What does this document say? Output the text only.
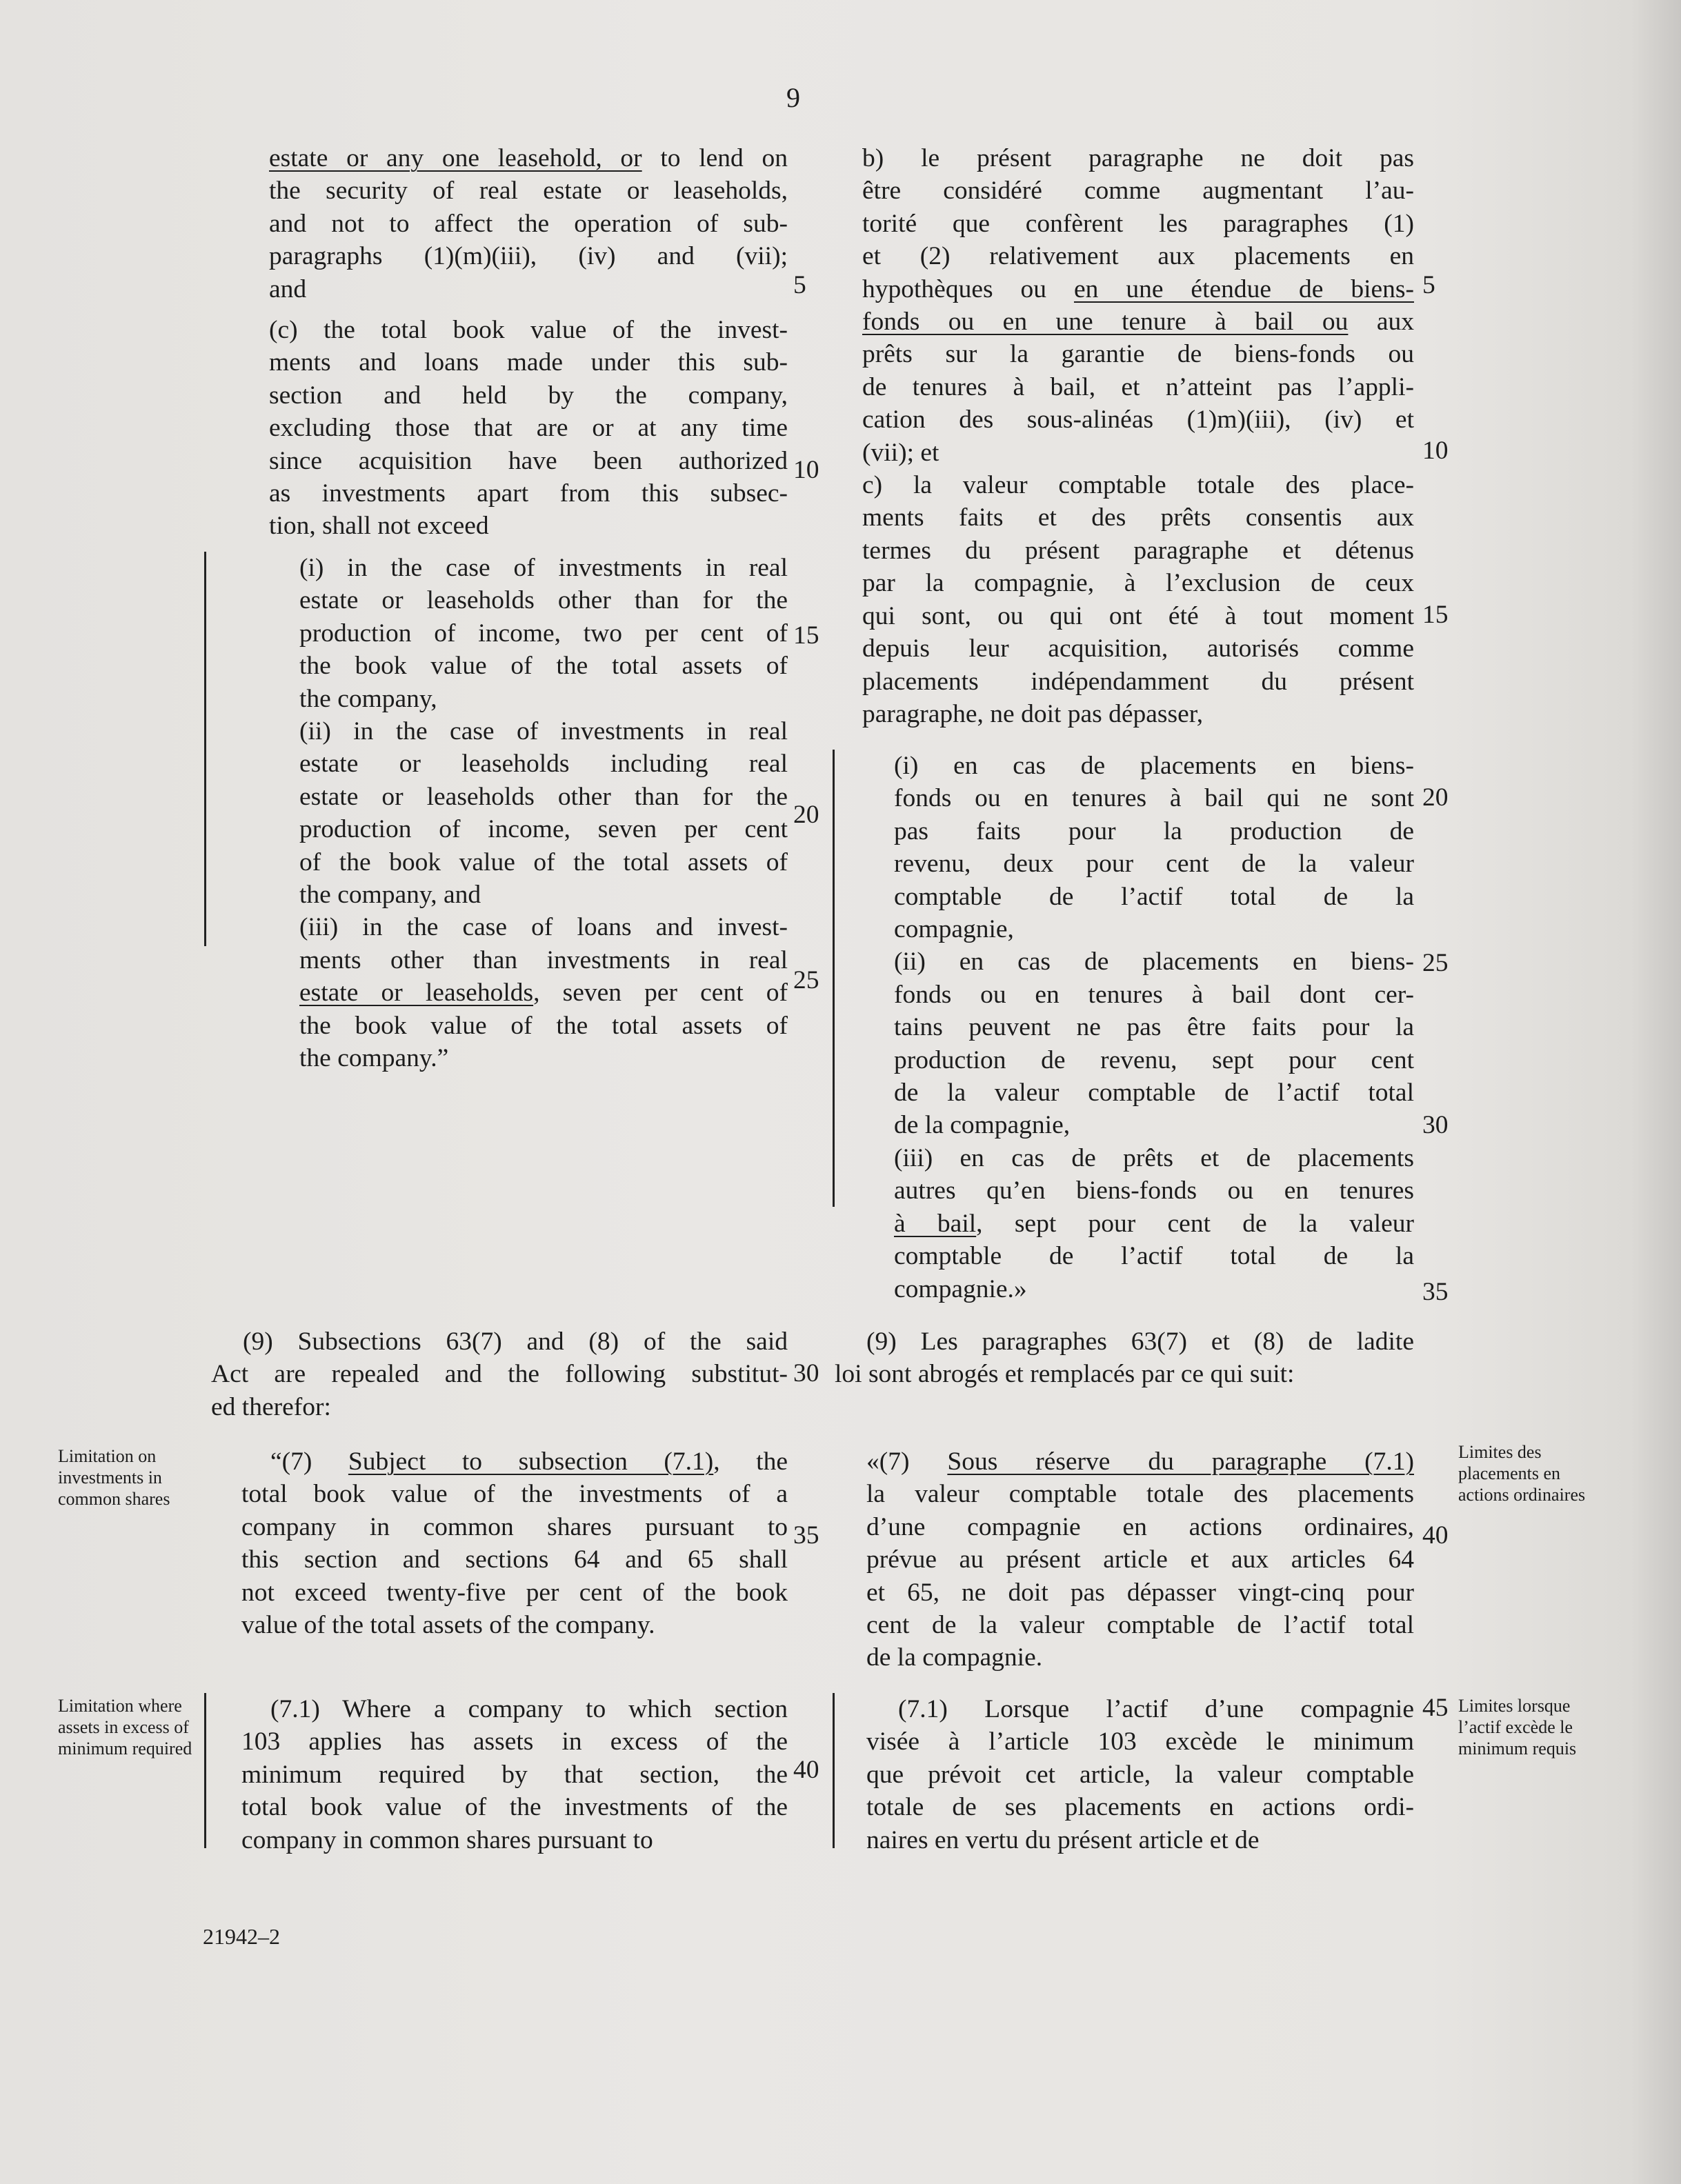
9
estate or any one leasehold, or to lend on
the security of real estate or leaseholds,
and not to affect the operation of sub-
paragraphs (1)(m)(iii), (iv) and (vii);
and
(c) the total book value of the invest-
ments and loans made under this sub-
section and held by the company,
excluding those that are or at any time
since acquisition have been authorized
as investments apart from this subsec-
tion, shall not exceed
(i) in the case of investments in real
estate or leaseholds other than for the
production of income, two per cent of
the book value of the total assets of
the company,
(ii) in the case of investments in real
estate or leaseholds including real
estate or leaseholds other than for the
production of income, seven per cent
of the book value of the total assets of
the company, and
(iii) in the case of loans and invest-
ments other than investments in real
estate or leaseholds, seven per cent of
the book value of the total assets of
the company.”
(9) Subsections 63(7) and (8) of the said
Act are repealed and the following substitut-
ed therefor:
“(7) Subject to subsection (7.1), the
total book value of the investments of a
company in common shares pursuant to
this section and sections 64 and 65 shall
not exceed twenty-five per cent of the book
value of the total assets of the company.
(7.1) Where a company to which section
103 applies has assets in excess of the
minimum required by that section, the
total book value of the investments of the
company in common shares pursuant to
Limitation on investments in common shares
Limitation where assets in excess of minimum required
b) le présent paragraphe ne doit pas
être considéré comme augmentant l’au-
torité que confèrent les paragraphes (1)
et (2) relativement aux placements en
hypothèques ou en une étendue de biens-
fonds ou en une tenure à bail ou aux
prêts sur la garantie de biens-fonds ou
de tenures à bail, et n’atteint pas l’appli-
cation des sous-alinéas (1)m)(iii), (iv) et
(vii); et
c) la valeur comptable totale des place-
ments faits et des prêts consentis aux
termes du présent paragraphe et détenus
par la compagnie, à l’exclusion de ceux
qui sont, ou qui ont été à tout moment
depuis leur acquisition, autorisés comme
placements indépendamment du présent
paragraphe, ne doit pas dépasser,
(i) en cas de placements en biens-
fonds ou en tenures à bail qui ne sont
pas faits pour la production de
revenu, deux pour cent de la valeur
comptable de l’actif total de la
compagnie,
(ii) en cas de placements en biens-
fonds ou en tenures à bail dont cer-
tains peuvent ne pas être faits pour la
production de revenu, sept pour cent
de la valeur comptable de l’actif total
de la compagnie,
(iii) en cas de prêts et de placements
autres qu’en biens-fonds ou en tenures
à bail, sept pour cent de la valeur
comptable de l’actif total de la
compagnie.»
(9) Les paragraphes 63(7) et (8) de ladite
loi sont abrogés et remplacés par ce qui suit:
«(7) Sous réserve du paragraphe (7.1)
la valeur comptable totale des placements
d’une compagnie en actions ordinaires,
prévue au présent article et aux articles 64
et 65, ne doit pas dépasser vingt-cinq pour
cent de la valeur comptable de l’actif total
de la compagnie.
(7.1) Lorsque l’actif d’une compagnie
visée à l’article 103 excède le minimum
que prévoit cet article, la valeur comptable
totale de ses placements en actions ordi-
naires en vertu du présent article et de
Limites des placements en actions ordinaires
Limites lorsque l’actif excède le minimum requis
5
10
15
20
25
30
35
40
5
10
15
20
25
30
35
40
45
21942–2
